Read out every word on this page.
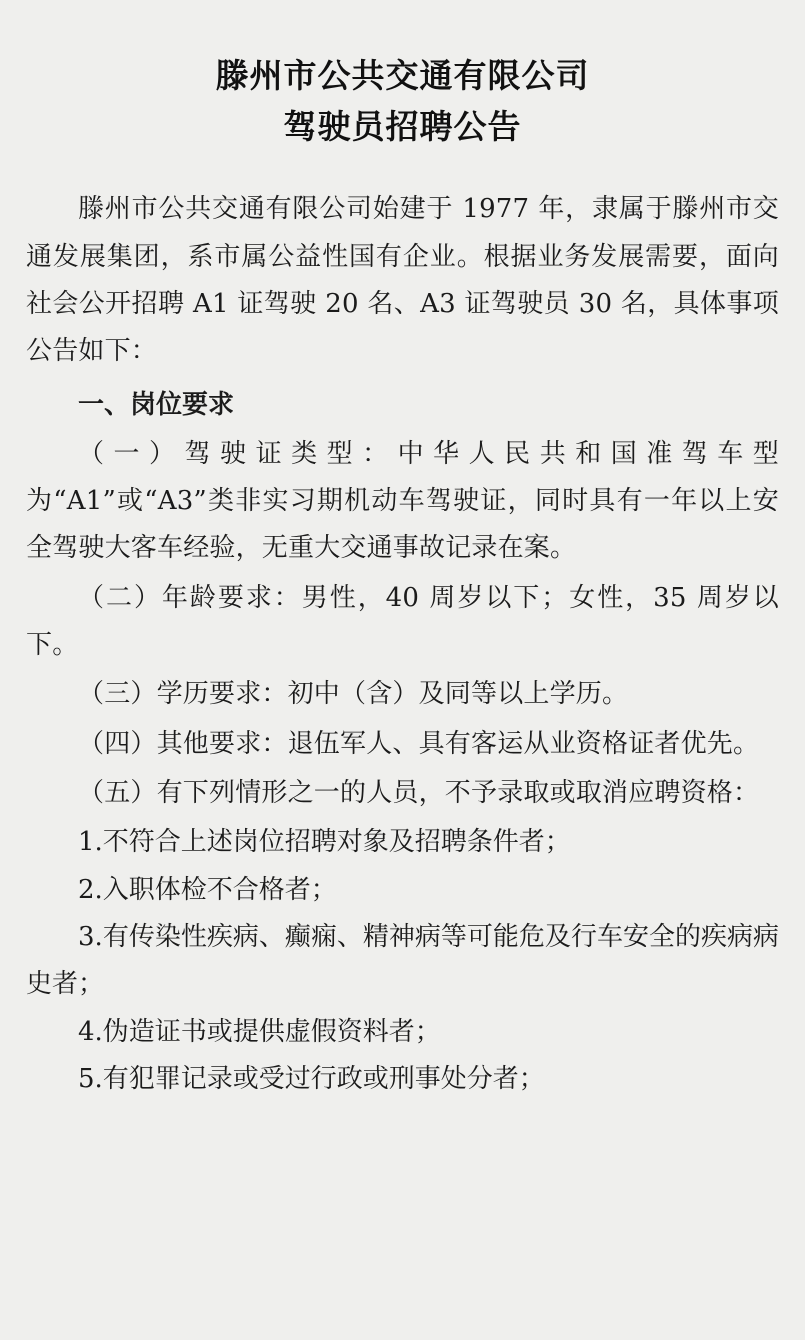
滕州市公共交通有限公司
驾驶员招聘公告

滕州市公共交通有限公司始建于 1977 年，隶属于滕州市交通发展集团，系市属公益性国有企业。根据业务发展需要，面向社会公开招聘 A1 证驾驶 20 名、A3 证驾驶员 30 名，具体事项公告如下：

一、岗位要求

（一）驾驶证类型：中华人民共和国准驾车型为“A1”或“A3”类非实习期机动车驾驶证，同时具有一年以上安全驾驶大客车经验，无重大交通事故记录在案。

（二）年龄要求：男性，40 周岁以下；女性，35 周岁以下。

（三）学历要求：初中（含）及同等以上学历。

（四）其他要求：退伍军人、具有客运从业资格证者优先。

（五）有下列情形之一的人员，不予录取或取消应聘资格：

1.不符合上述岗位招聘对象及招聘条件者；

2.入职体检不合格者；

3.有传染性疾病、癫痫、精神病等可能危及行车安全的疾病病史者；

4.伪造证书或提供虚假资料者；

5.有犯罪记录或受过行政或刑事处分者；
